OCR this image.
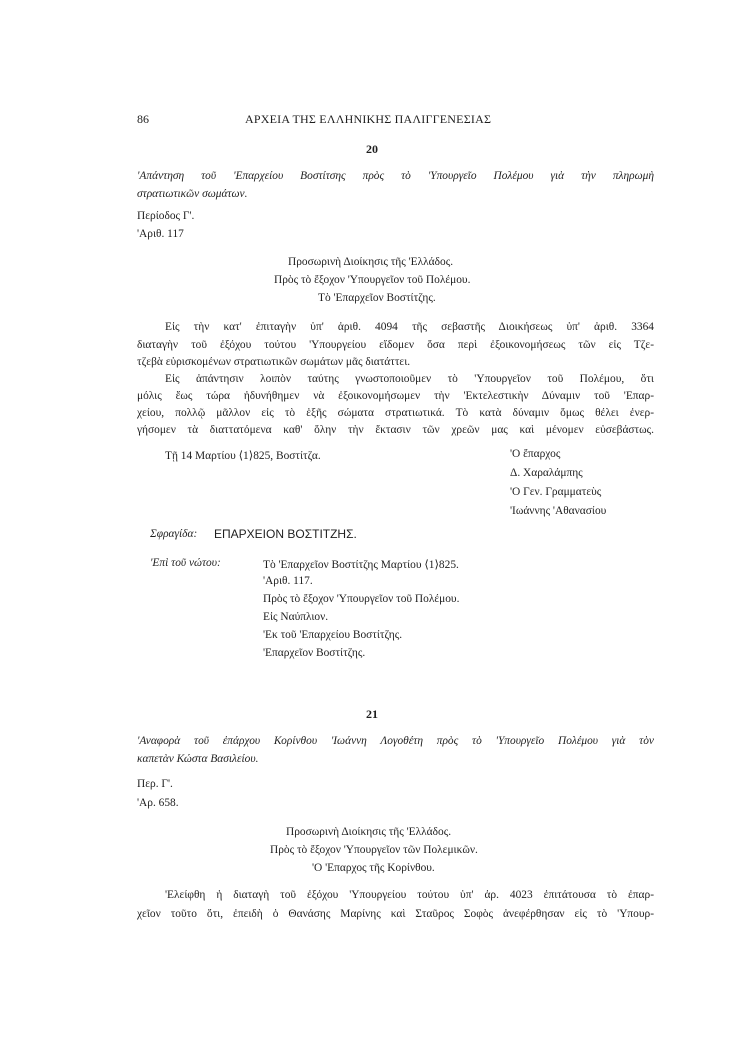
86	ΑΡΧΕΙΑ ΤΗΣ ΕΛΛΗΝΙΚΗΣ ΠΑΛΙΓΓΕΝΕΣΙΑΣ
20
'Απάντηση τοῦ 'Επαρχείου Βοστίτσης πρὸς τὸ 'Υπουργεῖο Πολέμου γιὰ τὴν πληρωμὴ
στρατιωτικῶν σωμάτων.
Περίοδος Γ'.
'Αριθ. 117
Προσωρινὴ Διοίκησις τῆς 'Ελλάδος.
Πρὸς τὸ ἔξοχον 'Υπουργεῖον τοῦ Πολέμου.
Τὸ 'Επαρχεῖον Βοστίτζης.
Εἰς τὴν κατ' ἐπιταγὴν ὑπ' ἀριθ. 4094 τῆς σεβαστῆς Διοικήσεως ὑπ' ἀριθ. 3364
διαταγὴν τοῦ ἐξόχου τούτου 'Υπουργείου εἴδομεν ὅσα περὶ ἐξοικονομήσεως τῶν εἰς Τζε-
τζεβὰ εὑρισκομένων στρατιωτικῶν σωμάτων μᾶς διατάττει.
Εἰς ἀπάντησιν λοιπὸν ταύτης γνωστοποιοῦμεν τὸ 'Υπουργεῖον τοῦ Πολέμου, ὅτι
μόλις ἕως τώρα ἠδυνήθημεν νὰ ἐξοικονομήσωμεν τὴν 'Εκτελεστικὴν Δύναμιν τοῦ 'Επαρ-
χείου, πολλῷ μᾶλλον εἰς τὸ ἑξῆς σώματα στρατιωτικά. Τὸ κατὰ δύναμιν ὅμως θέλει ἐνερ-
γήσομεν τὰ διαττατόμενα καθ' ὅλην τὴν ἔκτασιν τῶν χρεῶν μας καὶ μένομεν εὐσεβάστως.
Τῇ 14 Μαρτίου ⟨1⟩825, Βοστίτζα.	'Ο ἔπαρχος
Δ. Χαραλάμπης
'Ο Γεν. Γραμματεὺς
'Ιωάννης 'Αθανασίου
Σφραγίδα: ΕΠΑΡΧΕΙΟΝ ΒΟΣΤΙΤΖΗΣ.
'Επὶ τοῦ νώτου:	Τὸ 'Επαρχεῖον Βοστίτζης Μαρτίου ⟨1⟩825.
'Αριθ. 117.
Πρὸς τὸ ἔξοχον 'Υπουργεῖον τοῦ Πολέμου.
Εἰς Ναύπλιον.
'Εκ τοῦ 'Επαρχείου Βοστίτζης.
'Επαρχεῖον Βοστίτζης.
21
'Αναφορὰ τοῦ ἐπάρχου Κορίνθου 'Ιωάννη Λογοθέτη πρὸς τὸ 'Υπουργεῖο Πολέμου γιὰ τὸν
καπετὰν Κώστα Βασιλείου.
Περ. Γ'.
'Αρ. 658.
Προσωρινὴ Διοίκησις τῆς 'Ελλάδος.
Πρὸς τὸ ἔξοχον 'Υπουργεῖον τῶν Πολεμικῶν.
'Ο 'Επαρχος τῆς Κορίνθου.
'Ελείφθη ἡ διαταγὴ τοῦ ἐξόχου 'Υπουργείου τούτου ὑπ' ἀρ. 4023 ἐπιτάτουσα τὸ ἐπαρ-
χεῖον τοῦτο ὅτι, ἐπειδὴ ὁ Θανάσης Μαρίνης καὶ Σταῦρος Σοφὸς ἀνεφέρθησαν εἰς τὸ 'Υπουρ-
